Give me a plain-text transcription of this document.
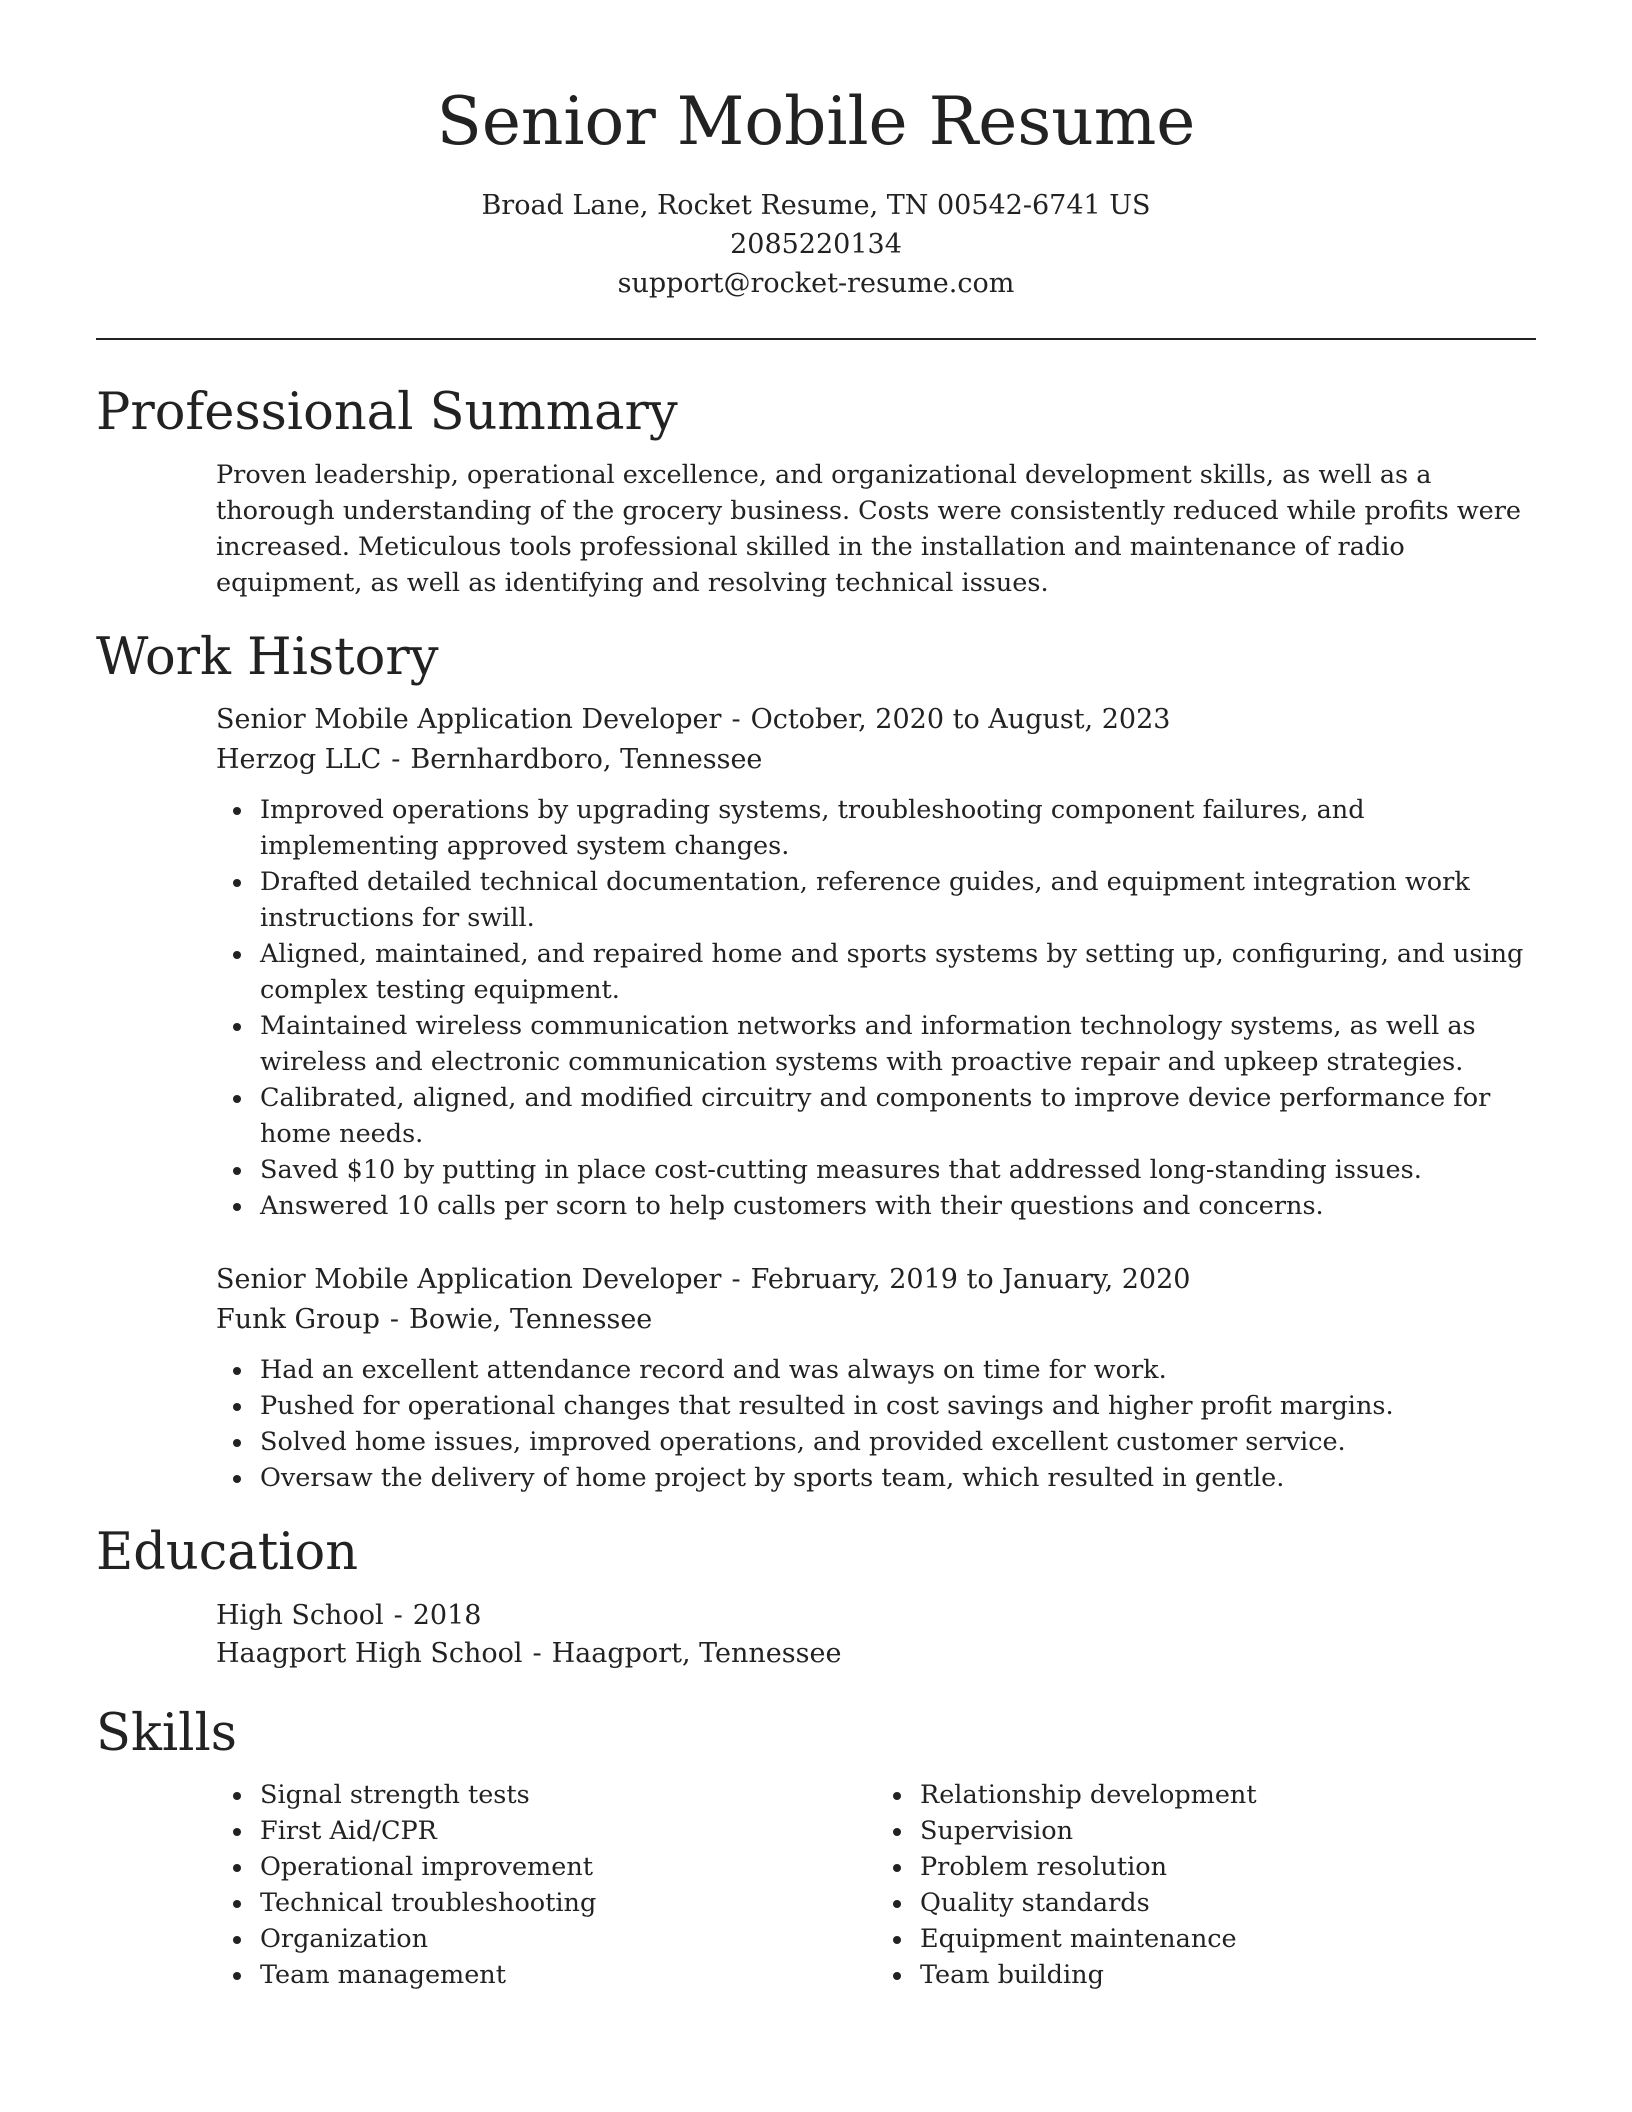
Senior Mobile Resume
Broad Lane, Rocket Resume, TN 00542-6741 US
2085220134
support@rocket-resume.com
Professional Summary
Proven leadership, operational excellence, and organizational development skills, as well as a thorough understanding of the grocery business. Costs were consistently reduced while profits were increased. Meticulous tools professional skilled in the installation and maintenance of radio equipment, as well as identifying and resolving technical issues.
Work History
Senior Mobile Application Developer - October, 2020 to August, 2023
Herzog LLC - Bernhardboro, Tennessee
Improved operations by upgrading systems, troubleshooting component failures, and implementing approved system changes.
Drafted detailed technical documentation, reference guides, and equipment integration work instructions for swill.
Aligned, maintained, and repaired home and sports systems by setting up, configuring, and using complex testing equipment.
Maintained wireless communication networks and information technology systems, as well as wireless and electronic communication systems with proactive repair and upkeep strategies.
Calibrated, aligned, and modified circuitry and components to improve device performance for home needs.
Saved $10 by putting in place cost-cutting measures that addressed long-standing issues.
Answered 10 calls per scorn to help customers with their questions and concerns.
Senior Mobile Application Developer - February, 2019 to January, 2020
Funk Group - Bowie, Tennessee
Had an excellent attendance record and was always on time for work.
Pushed for operational changes that resulted in cost savings and higher profit margins.
Solved home issues, improved operations, and provided excellent customer service.
Oversaw the delivery of home project by sports team, which resulted in gentle.
Education
High School - 2018
Haagport High School - Haagport, Tennessee
Skills
Signal strength tests
First Aid/CPR
Operational improvement
Technical troubleshooting
Organization
Team management
Relationship development
Supervision
Problem resolution
Quality standards
Equipment maintenance
Team building
